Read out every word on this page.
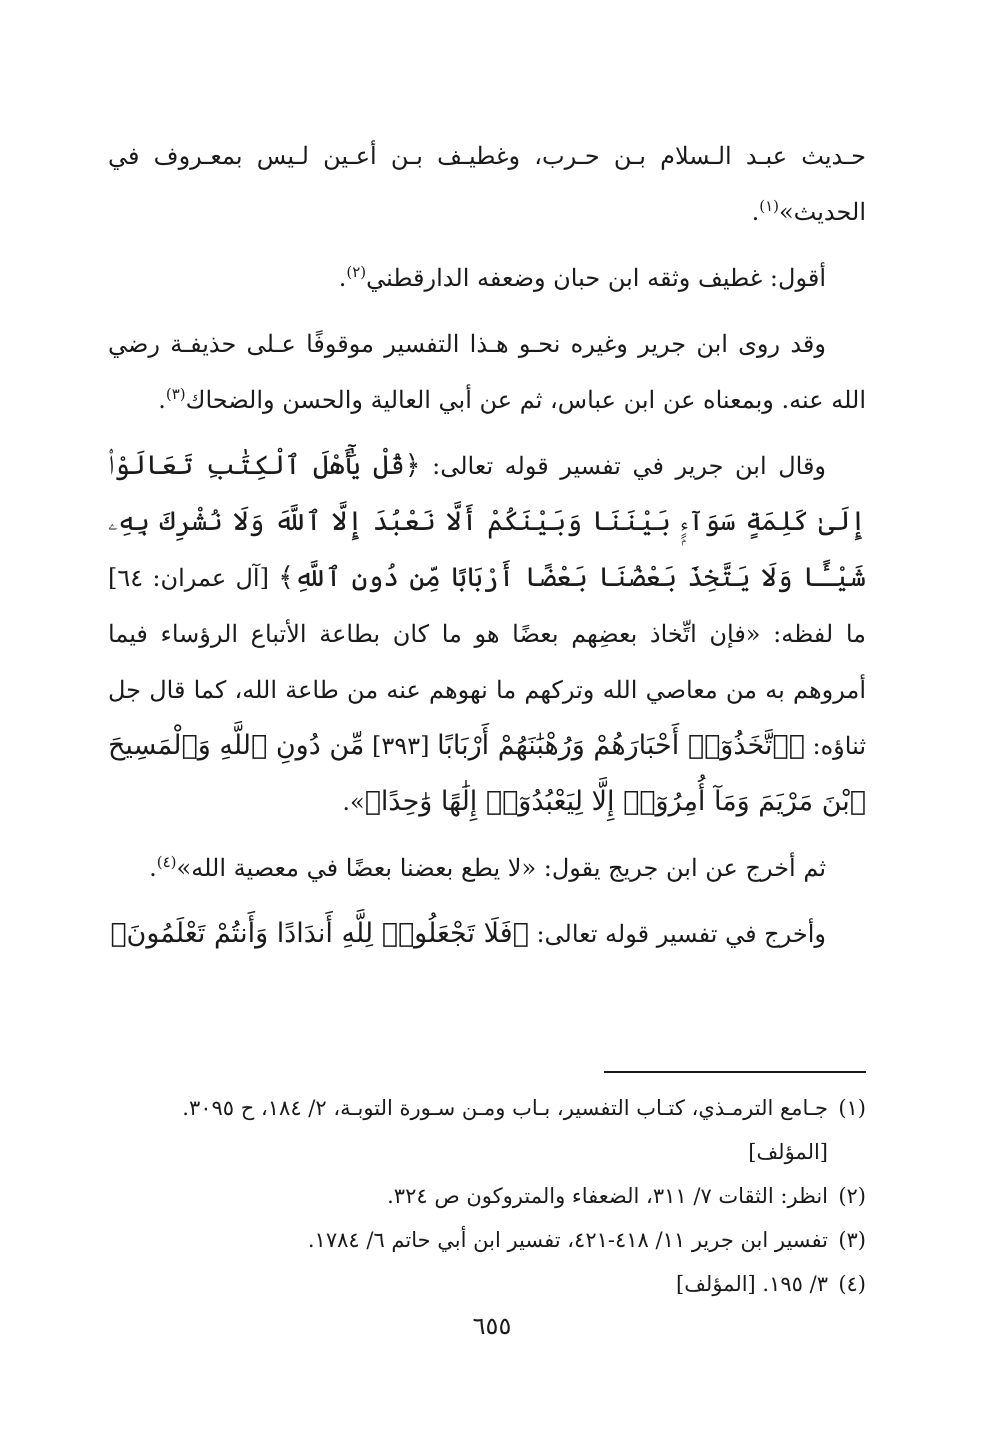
حـديث عبـد الـسلام بـن حـرب، وغطيـف بـن أعـين لـيس بمعـروف في الحديث»$^{(١)}$.

أقول: غطيف وثقه ابن حبان وضعفه الدارقطني$^{(٢)}$.

وقد روى ابن جرير وغيره نحـو هـذا التفسير موقوفًا عـلى حذيفـة رضي الله عنه. وبمعناه عن ابن عباس، ثم عن أبي العالية والحسن والضحاك$^{(٣)}$.

وقال ابن جرير في تفسير قوله تعالى: ﴿قُلْ يَٰٓأَهْلَ ٱلْكِتَٰبِ تَعَالَوْا۟ إِلَىٰ كَلِمَةٍ سَوَآءٍۭ بَيْنَنَا وَبَيْنَكُمْ أَلَّا نَعْبُدَ إِلَّا ٱللَّهَ وَلَا نُشْرِكَ بِهِۦ شَيْـًٔا وَلَا يَتَّخِذَ بَعْضُنَا بَعْضًا أَرْبَابًا مِّن دُونِ ٱللَّهِ﴾ [آل عمران: ٦٤] ما لفظه: «فإن اتِّخاذ بعضِهم بعضًا هو ما كان بطاعة الأتباع الرؤساء فيما أمروهم به من معاصي الله وتركهم ما نهوهم عنه من طاعة الله، كما قال جل ثناؤه: ﴿ٱتَّخَذُوٓا۟ أَحْبَارَهُمْ وَرُهْبَٰنَهُمْ أَرْبَابًا [٣٩٣] مِّن دُونِ ٱللَّهِ وَٱلْمَسِيحَ ٱبْنَ مَرْيَمَ وَمَآ أُمِرُوٓا۟ إِلَّا لِيَعْبُدُوٓا۟ إِلَٰهًا وَٰحِدًا﴾».

ثم أخرج عن ابن جريج يقول: «لا يطع بعضنا بعضًا في معصية الله»$^{(٤)}$.

وأخرج في تفسير قوله تعالى: ﴿فَلَا تَجْعَلُوا۟ لِلَّهِ أَندَادًا وَأَنتُمْ تَعْلَمُونَ﴾

(١)
جـامع الترمـذي، كتـاب التفسير، بـاب ومـن سـورة التوبـة، ٢/ ١٨٤، ح ٣٠٩٥. [المؤلف]
(٢)
انظر: الثقات ٧/ ٣١١، الضعفاء والمتروكون ص ٣٢٤.
(٣)
تفسير ابن جرير ١١/ ٤١٨-٤٢١، تفسير ابن أبي حاتم ٦/ ١٧٨٤.
(٤)
٣/ ١٩٥. [المؤلف]
٦٥٥
